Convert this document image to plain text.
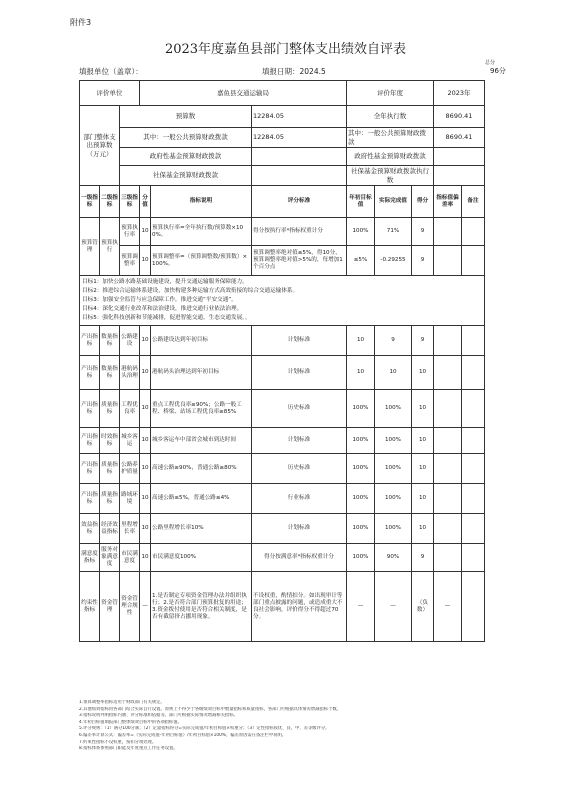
附件3
2023年度嘉鱼县部门整体支出绩效自评表
填报单位（盖章）：	填报日期：2024.5
总分
96分
评价单位			嘉鱼县交通运输局			评价年度			2023年	
部门整体支出预算数（万元）		预算数			12284.05	全年执行数			8690.41	
		其中：一般公共预算财政拨款			12284.05	其中：一般公共预算财政拨款			8690.41	
		政府性基金预算财政拨款				政府性基金预算财政拨款				
		社保基金预算财政拨款				社保基金预算财政拨款执行数				
一级指标	二级指标	三级指标	分值	指标说明	评分标准	年初目标值	实际完成值	得分	指标值偏差率	备注
预算管理	预算执行	预算执行率	10	预算执行率=全年执行数/预算数×100%。	得分按执行率*指标权重计分	100%	71%	9		
		预算调整率	10	预算调整率=（预算调整数/预算数）×100%。	预算调整率绝对值≤5%，得10分，预算调整率绝对值>5%的，每增加1个百分点	≤5%	-0.29255	9		

目标1：加快公路水路基础设施建设，提升交通运输服务保障能力。
目标2：推进综合运输体系建设，加快构建多种运输方式高效衔接的综合交通运输体系。
目标3：加强安全监管与应急保障工作，推进交通“平安交通”。
目标4：深化交通行业改革和法治建设，推进交通行业依法治理。
目标5：强化科技创新和节能减排，促进智能交通、生态交通发展。。										

产出指标	数量指标	公路建设	10	公路建设达到年初目标	计划标准	10	9	9		
产出指标	数量指标	港航码头治理	10	港航码头治理达到年初目标	计划标准	10	10	10		
产出指标	质量指标	工程优良率	10	重点工程优良率≥90%；公路一般工程、桥梁、站场工程优良率≥85%	历史标准	100%	100%	10		
产出指标	时效指标	城乡客运	10	城乡客运车中部省会城市到达时间	计划标准	100%	100%	10		
产出指标	质量指标	公路养护质量	10	高速公路≥90%，普通公路≥80%	历史标准	100%	100%	10		
产出指标	质量指标	路域环境	10	高速公路≤5%，普通公路≤4%	行业标准	100%	100%	10		
效益指标	经济效益指标	里程增长率	10	公路里程增长率10%	计划标准	100%	100%	10		
满意度指标	服务对象满意度	市民满意度	10	市民满意度100%	得分按满意率*指标权重计分	100%	90%	9		
约束性指标	资金管理	资金管理合规性	—	1.是否制定专项资金管理办法并组织执行；2.是否符合部门预算批复的用途；3.资金拨付使用是否符合相关制度，是否有截留挤占挪用现象。	不设权重，酌情扣分。如出现审计等部门重点披露的问题，或造成重大不良社会影响，评价得分不得超过70分。	—	—	（负数）	—	
1.预算调整率指标适用于财政部门有关规定。
2.其他绩效指标由各部门结合实际自行设置。原则上不得少于各级绩效目标中数量指标和质量指标，各部门可根据具体情况增减指标个数。
3.指标说明列明指标内涵、评分标准和依据等，部门可根据实际情况增减相关指标。
4.年初目标值填报部门整体绩效目标中的各项指标值。
5.评分规则：（1）满分100分制；（2）定量指标得分=实际完成值/年初目标值×权重分；（3）定性指标按优、良、中、差等级评分。
6.偏差率计算公式：偏差率=（实际完成值-年初目标值）/年初目标值×100%，偏差原因需在备注栏中说明。
7.约束性指标不设权重，按扣分项处理。
8.指标体系参照部门职能及年度重点工作任务设置。
